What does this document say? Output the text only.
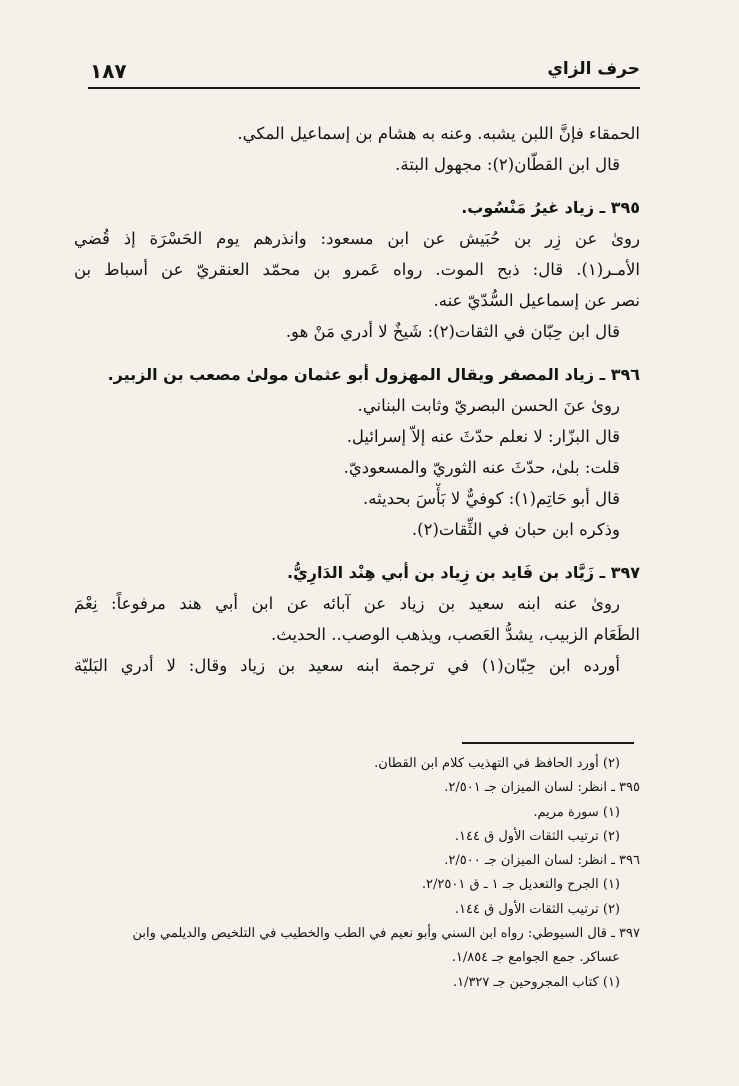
١٨٧	حرف الزاي
الحمقاء فإنَّ اللبن يشبه. وعنه به هشام بن إسماعيل المكي.
قال ابن القطّان(٢): مجهول البتة.
٣٩٥ ـ زياد غيرُ مَنْسُوب.
روىٰ عن زِر بن حُبَيش عن ابن مسعود: وانذرهم يوم الحَسْرَة إذ قُضي
الأمـر(١). قال: ذبح الموت. رواه عَمرو بن محمّد العنقريّ عن أسباط بن
نصر عن إسماعيل السُّدّيّ عنه.
قال ابن حِبّان في الثقات(٢): شَيخٌ لا أدري مَنْ هو.
٣٩٦ ـ زياد المصفر ويقال المهزول أبو عثمان مولىٰ مصعب بن الزبير.
روىٰ عنَ الحسن البصريّ وثابت البناني.
قال البزّار: لا نعلم حدّثَ عنه إلاّ إسرائيل.
قلت: بلىٰ، حدّثَ عنه الثوريّ والمسعوديّ.
قال أبو حَاتِم(١): كوفيٌّ لا بَأْسَ بحديثه.
وذكره ابن حبان في الثِّقات(٢).
٣٩٧ ـ زَيَّاد بن فَايد بن زِياد بن أبي هِنْد الدَارِيُّ.
روىٰ عنه ابنه سعيد بن زياد عن آبائه عن ابن أبي هند مرفوعاً: نِعْمَ
الطَعَام الزبيب، يشدُّ العَصب، ويذهب الوصب.. الحديث.
أورده ابن حِبّان(١) في ترجمة ابنه سعيد بن زياد وقال: لا أدري البَليّة
(٢) أورد الحافظ في التهذيب كلام ابن القطان.
٣٩٥ ـ انظر: لسان الميزان جـ ٢/٥٠١.
(١) سورة مريم.
(٢) ترتيب الثقات الأول ق ١٤٤.
٣٩٦ ـ انظر: لسان الميزان جـ ٢/٥٠٠.
(١) الجرح والتعديل جـ ١ ـ ق ٢/٢٥٠١.
(٢) ترتيب الثقات الأول ق ١٤٤.
٣٩٧ ـ قال السيوطي: رواه ابن السني وأبو نعيم في الطب والخطيب في التلخيص والديلمي وابن
عساكر. جمع الجوامع جـ ١/٨٥٤.
(١) كتاب المجروحين جـ ١/٣٢٧.
